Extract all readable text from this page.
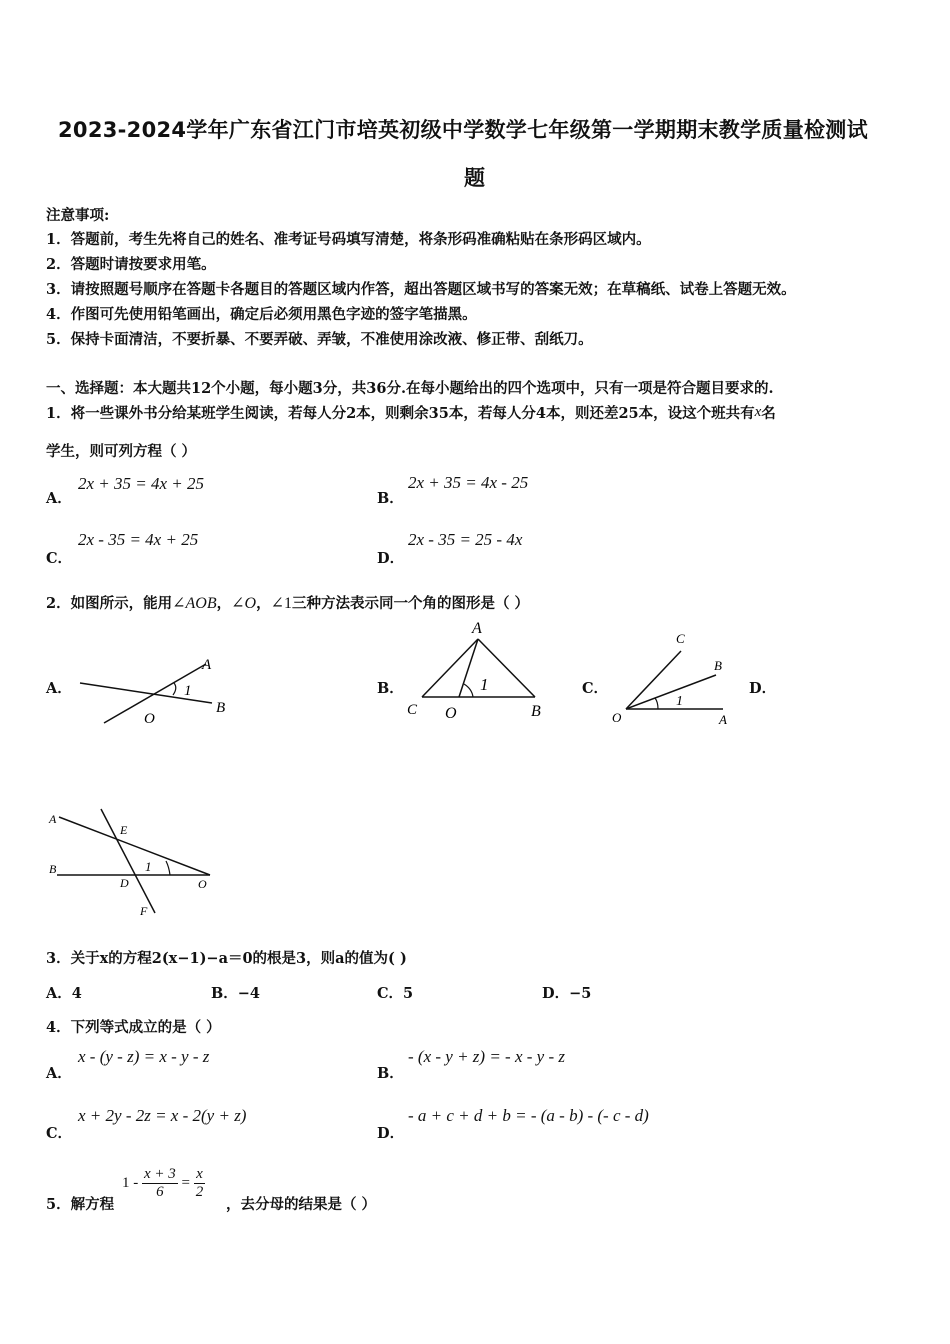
2023-2024学年广东省江门市培英初级中学数学七年级第一学期期末教学质量检测试
题
注意事项:
1．答题前，考生先将自己的姓名、准考证号码填写清楚，将条形码准确粘贴在条形码区域内。
2．答题时请按要求用笔。
3．请按照题号顺序在答题卡各题目的答题区域内作答，超出答题区域书写的答案无效；在草稿纸、试卷上答题无效。
4．作图可先使用铅笔画出，确定后必须用黑色字迹的签字笔描黑。
5．保持卡面清洁，不要折暴、不要弄破、弄皱，不准使用涂改液、修正带、刮纸刀。
一、选择题：本大题共12个小题，每小题3分，共36分.在每小题给出的四个选项中，只有一项是符合题目要求的.
1．将一些课外书分给某班学生阅读，若每人分2本，则剩余35本，若每人分4本，则还差25本，设这个班共有x名
学生，则可列方程（ ）
A．
2x + 35 = 4x + 25
B．
2x + 35 = 4x - 25
C．
2x - 35 = 4x + 25
D．
2x - 35 = 25 - 4x
2．如图所示，能用∠AOB，∠O，∠1三种方法表示同一个角的图形是（ ）
A．	B．	C．	D．
A
1
O
B
A
1
C O	B
C
B
1
O	A
A
E
B	1
D	O
F
3．关于x的方程2(x−1)−a＝0的根是3，则a的值为( )
A．4	B．−4	C．5	D．−5
4．下列等式成立的是（ ）
A．
x - (y - z) = x - y - z
B．
- (x - y + z) = - x - y - z
C．
x + 2y - 2z = x - 2(y + z)
D．
- a + c + d + b = - (a - b) - (- c - d)
5．解方程
$1 - \frac{x + 3}{6} = \frac{x}{2}$
，去分母的结果是（ ）
